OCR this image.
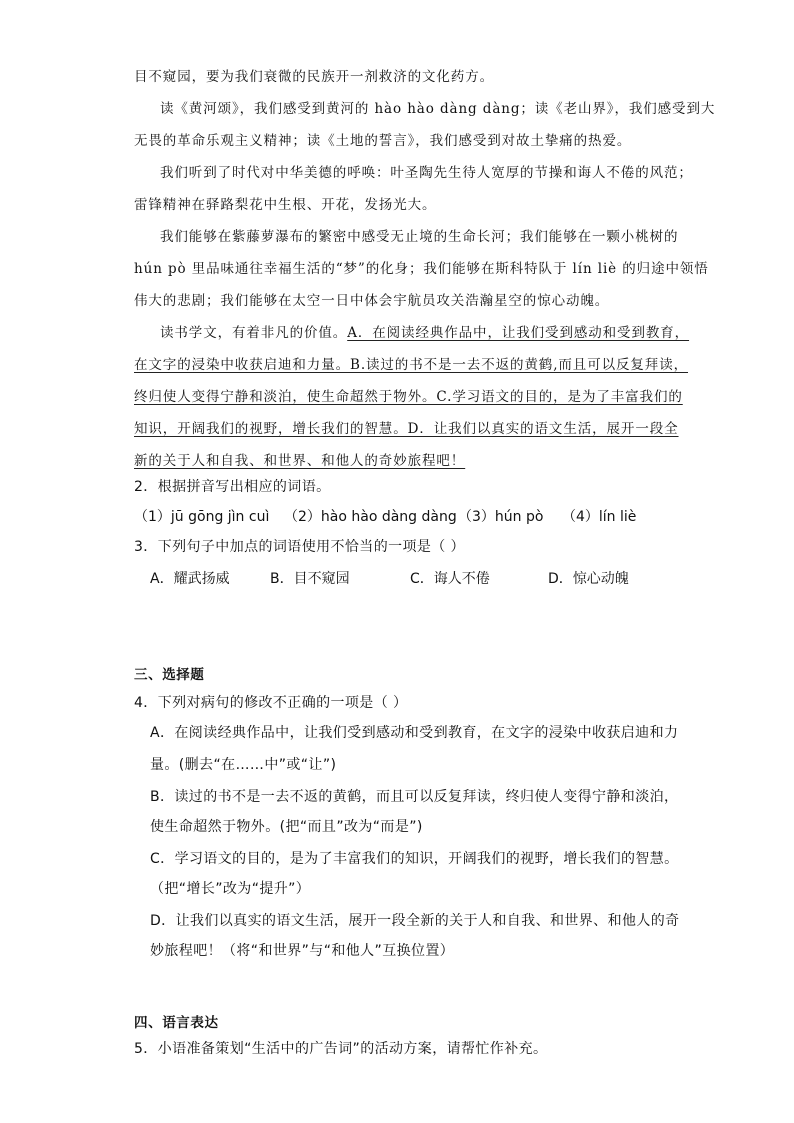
目不窥园，要为我们衰微的民族开一剂救济的文化药方。
读《黄河颂》，我们感受到黄河的 hào hào dàng dàng；读《老山界》，我们感受到大
无畏的革命乐观主义精神；读《土地的誓言》，我们感受到对故土挚痛的热爱。
我们听到了时代对中华美德的呼唤：叶圣陶先生待人宽厚的节操和诲人不倦的风范；
雷锋精神在驿路梨花中生根、开花，发扬光大。
我们能够在紫藤萝瀑布的繁密中感受无止境的生命长河；我们能够在一颗小桃树的
hún pò 里品味通往幸福生活的“梦”的化身；我们能够在斯科特队于 lín liè 的归途中领悟
伟大的悲剧；我们能够在太空一日中体会宇航员攻关浩瀚星空的惊心动魄。
读书学文，有着非凡的价值。A．在阅读经典作品中，让我们受到感动和受到教育，
在文字的浸染中收获启迪和力量。B.读过的书不是一去不返的黄鹤,而且可以反复拜读，
终归使人变得宁静和淡泊，使生命超然于物外。C.学习语文的目的，是为了丰富我们的
知识，开阔我们的视野，增长我们的智慧。D．让我们以真实的语文生活，展开一段全
新的关于人和自我、和世界、和他人的奇妙旅程吧！
2．根据拼音写出相应的词语。
（1）jū gōng jìn cuì （2）hào hào dàng dàng （3）hún pò （4）lín liè
3．下列句子中加点的词语使用不恰当的一项是（ ）
A．耀武扬威	B．目不窥园	C．诲人不倦	D．惊心动魄
三、选择题
4．下列对病句的修改不正确的一项是（ ）
A．在阅读经典作品中，让我们受到感动和受到教育，在文字的浸染中收获启迪和力
量。(删去“在……中”或“让”)
B．读过的书不是一去不返的黄鹤，而且可以反复拜读，终归使人变得宁静和淡泊，
使生命超然于物外。(把“而且”改为“而是”)
C．学习语文的目的，是为了丰富我们的知识，开阔我们的视野，增长我们的智慧。
（把“增长”改为“提升”）
D．让我们以真实的语文生活，展开一段全新的关于人和自我、和世界、和他人的奇
妙旅程吧！（将“和世界”与“和他人”互换位置）
四、语言表达
5．小语准备策划“生活中的广告词”的活动方案，请帮忙作补充。
